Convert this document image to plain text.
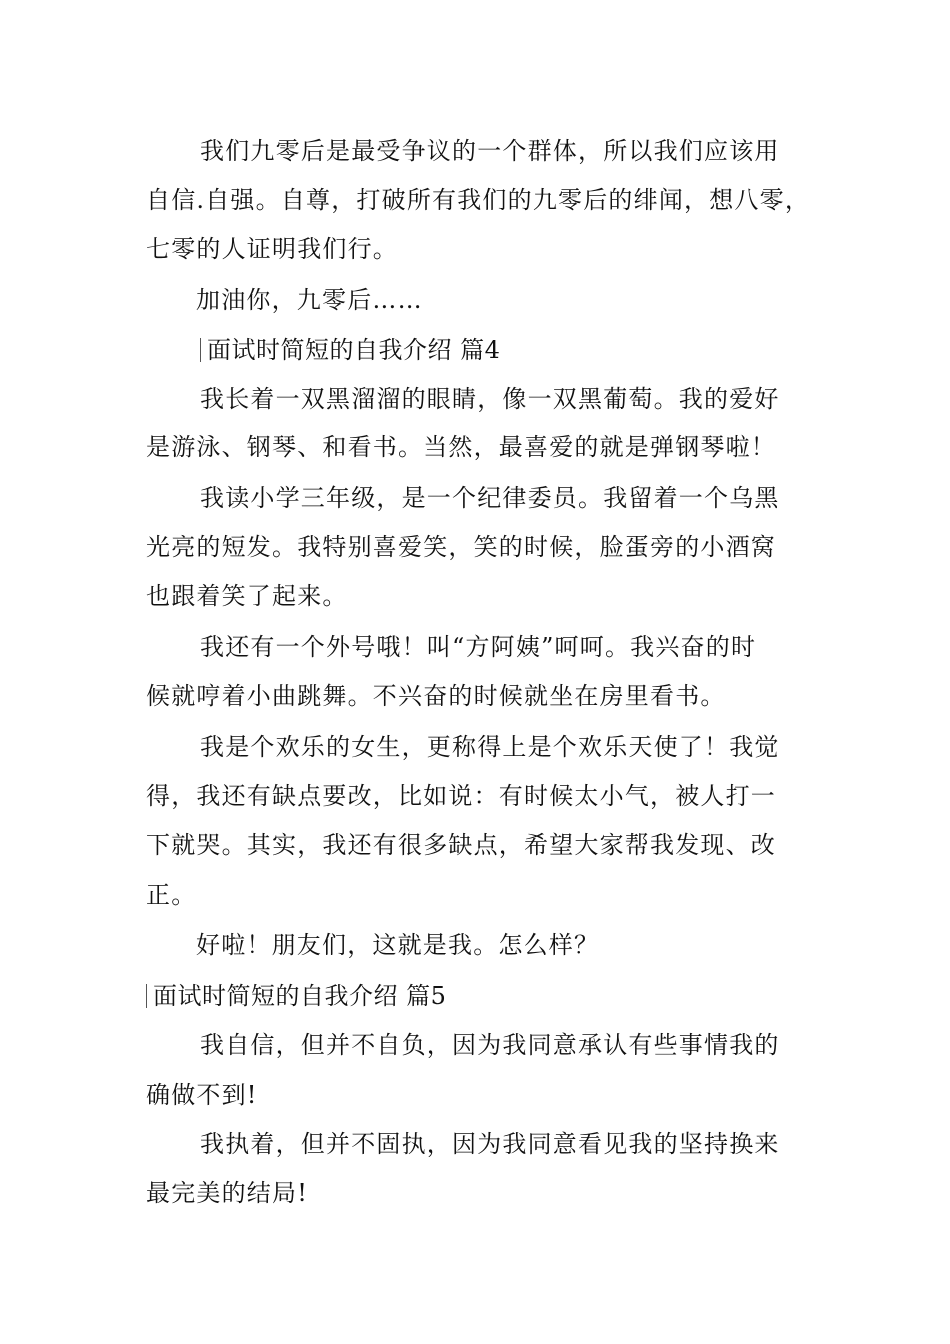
我们九零后是最受争议的一个群体，所以我们应该用
自信.自强。自尊，打破所有我们的九零后的绯闻，想八零，
七零的人证明我们行。
加油你，九零后……
面试时简短的自我介绍 篇4
我长着一双黑溜溜的眼睛，像一双黑葡萄。我的爱好
是游泳、钢琴、和看书。当然，最喜爱的就是弹钢琴啦！
我读小学三年级，是一个纪律委员。我留着一个乌黑
光亮的短发。我特别喜爱笑，笑的时候，脸蛋旁的小酒窝
也跟着笑了起来。
我还有一个外号哦！叫“方阿姨”呵呵。我兴奋的时
候就哼着小曲跳舞。不兴奋的时候就坐在房里看书。
我是个欢乐的女生，更称得上是个欢乐天使了！我觉
得，我还有缺点要改，比如说：有时候太小气，被人打一
下就哭。其实，我还有很多缺点，希望大家帮我发现、改
正。
好啦！朋友们，这就是我。怎么样？
面试时简短的自我介绍 篇5
我自信，但并不自负，因为我同意承认有些事情我的
确做不到!
我执着，但并不固执，因为我同意看见我的坚持换来
最完美的结局!
